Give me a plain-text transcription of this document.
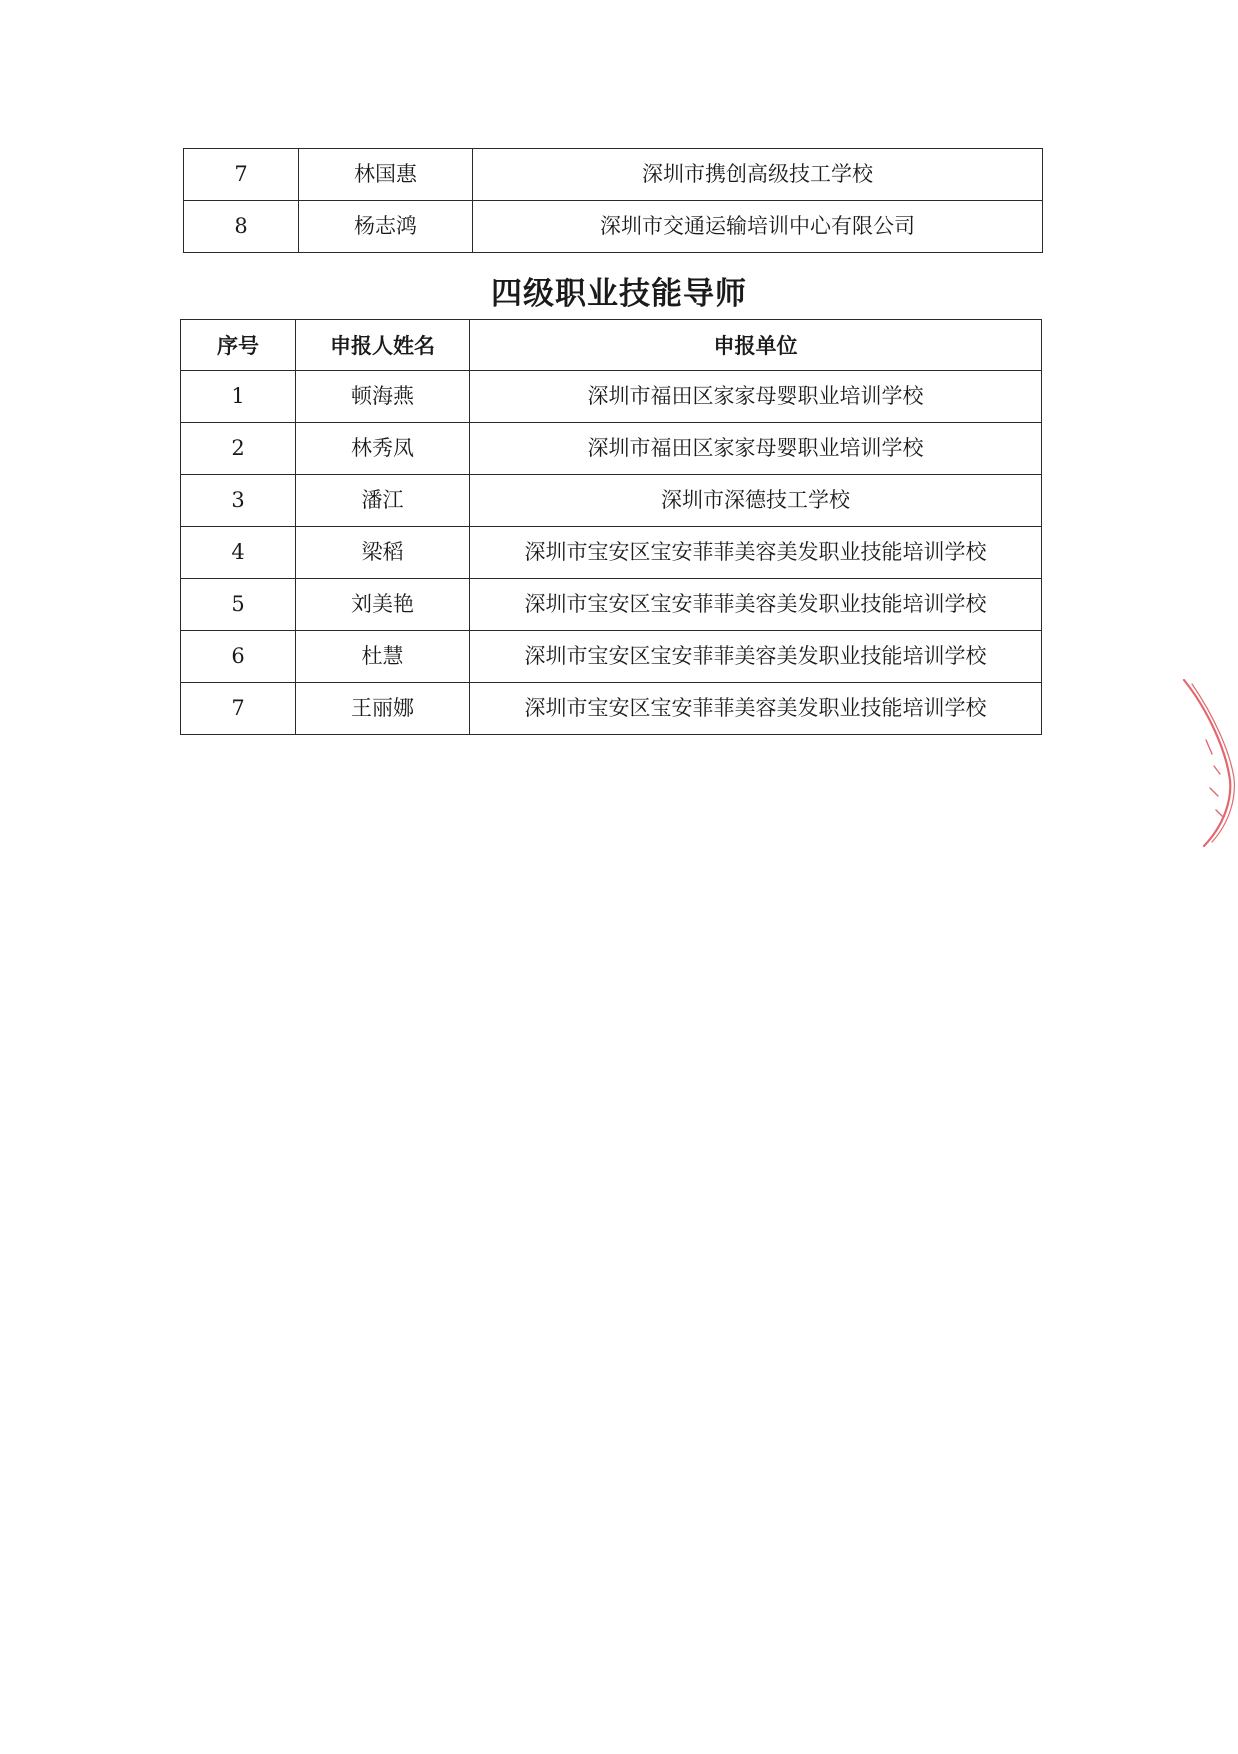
7	林国惠	深圳市携创高级技工学校
8	杨志鸿	深圳市交通运输培训中心有限公司
四级职业技能导师
序号	申报人姓名	申报单位
1	顿海燕	深圳市福田区家家母婴职业培训学校
2	林秀凤	深圳市福田区家家母婴职业培训学校
3	潘江	深圳市深德技工学校
4	梁稻	深圳市宝安区宝安菲菲美容美发职业技能培训学校
5	刘美艳	深圳市宝安区宝安菲菲美容美发职业技能培训学校
6	杜慧	深圳市宝安区宝安菲菲美容美发职业技能培训学校
7	王丽娜	深圳市宝安区宝安菲菲美容美发职业技能培训学校
